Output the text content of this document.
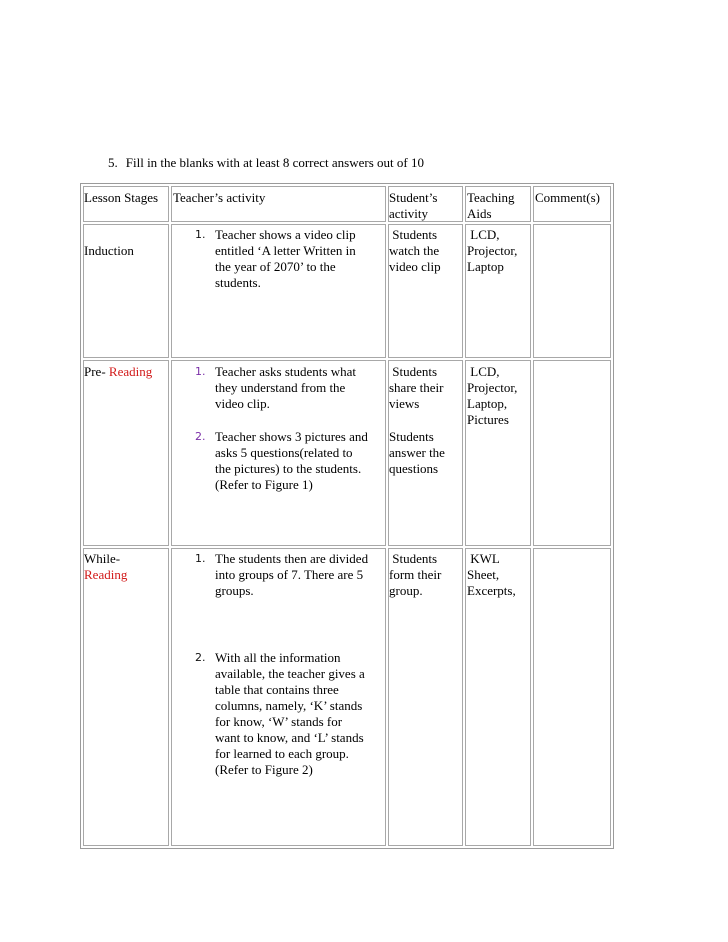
5. Fill in the blanks with at least 8 correct answers out of 10
Lesson Stages Teacher’s activity	Student’s
activity
Teaching
Aids
Comment(s)
Induction
1. Teacher shows a video clip
entitled ‘A letter Written in
the year of 2070’ to the
students.
Students
watch the
video clip
LCD,
Projector,
Laptop
Pre- Reading	1. Teacher asks students what
they understand from the
video clip.
2. Teacher shows 3 pictures and
asks 5 questions(related to
the pictures) to the students.
(Refer to Figure 1)
Students
share their
views
Students
answer the
questions
LCD,
Projector,
Laptop,
Pictures
While-
Reading
1. The students then are divided
into groups of 7. There are 5
groups.
2. With all the information
available, the teacher gives a
table that contains three
columns, namely, ‘K’ stands
for know, ‘W’ stands for
want to know, and ‘L’ stands
for learned to each group.
(Refer to Figure 2)
Students
form their
group.
KWL
Sheet,
Excerpts,
